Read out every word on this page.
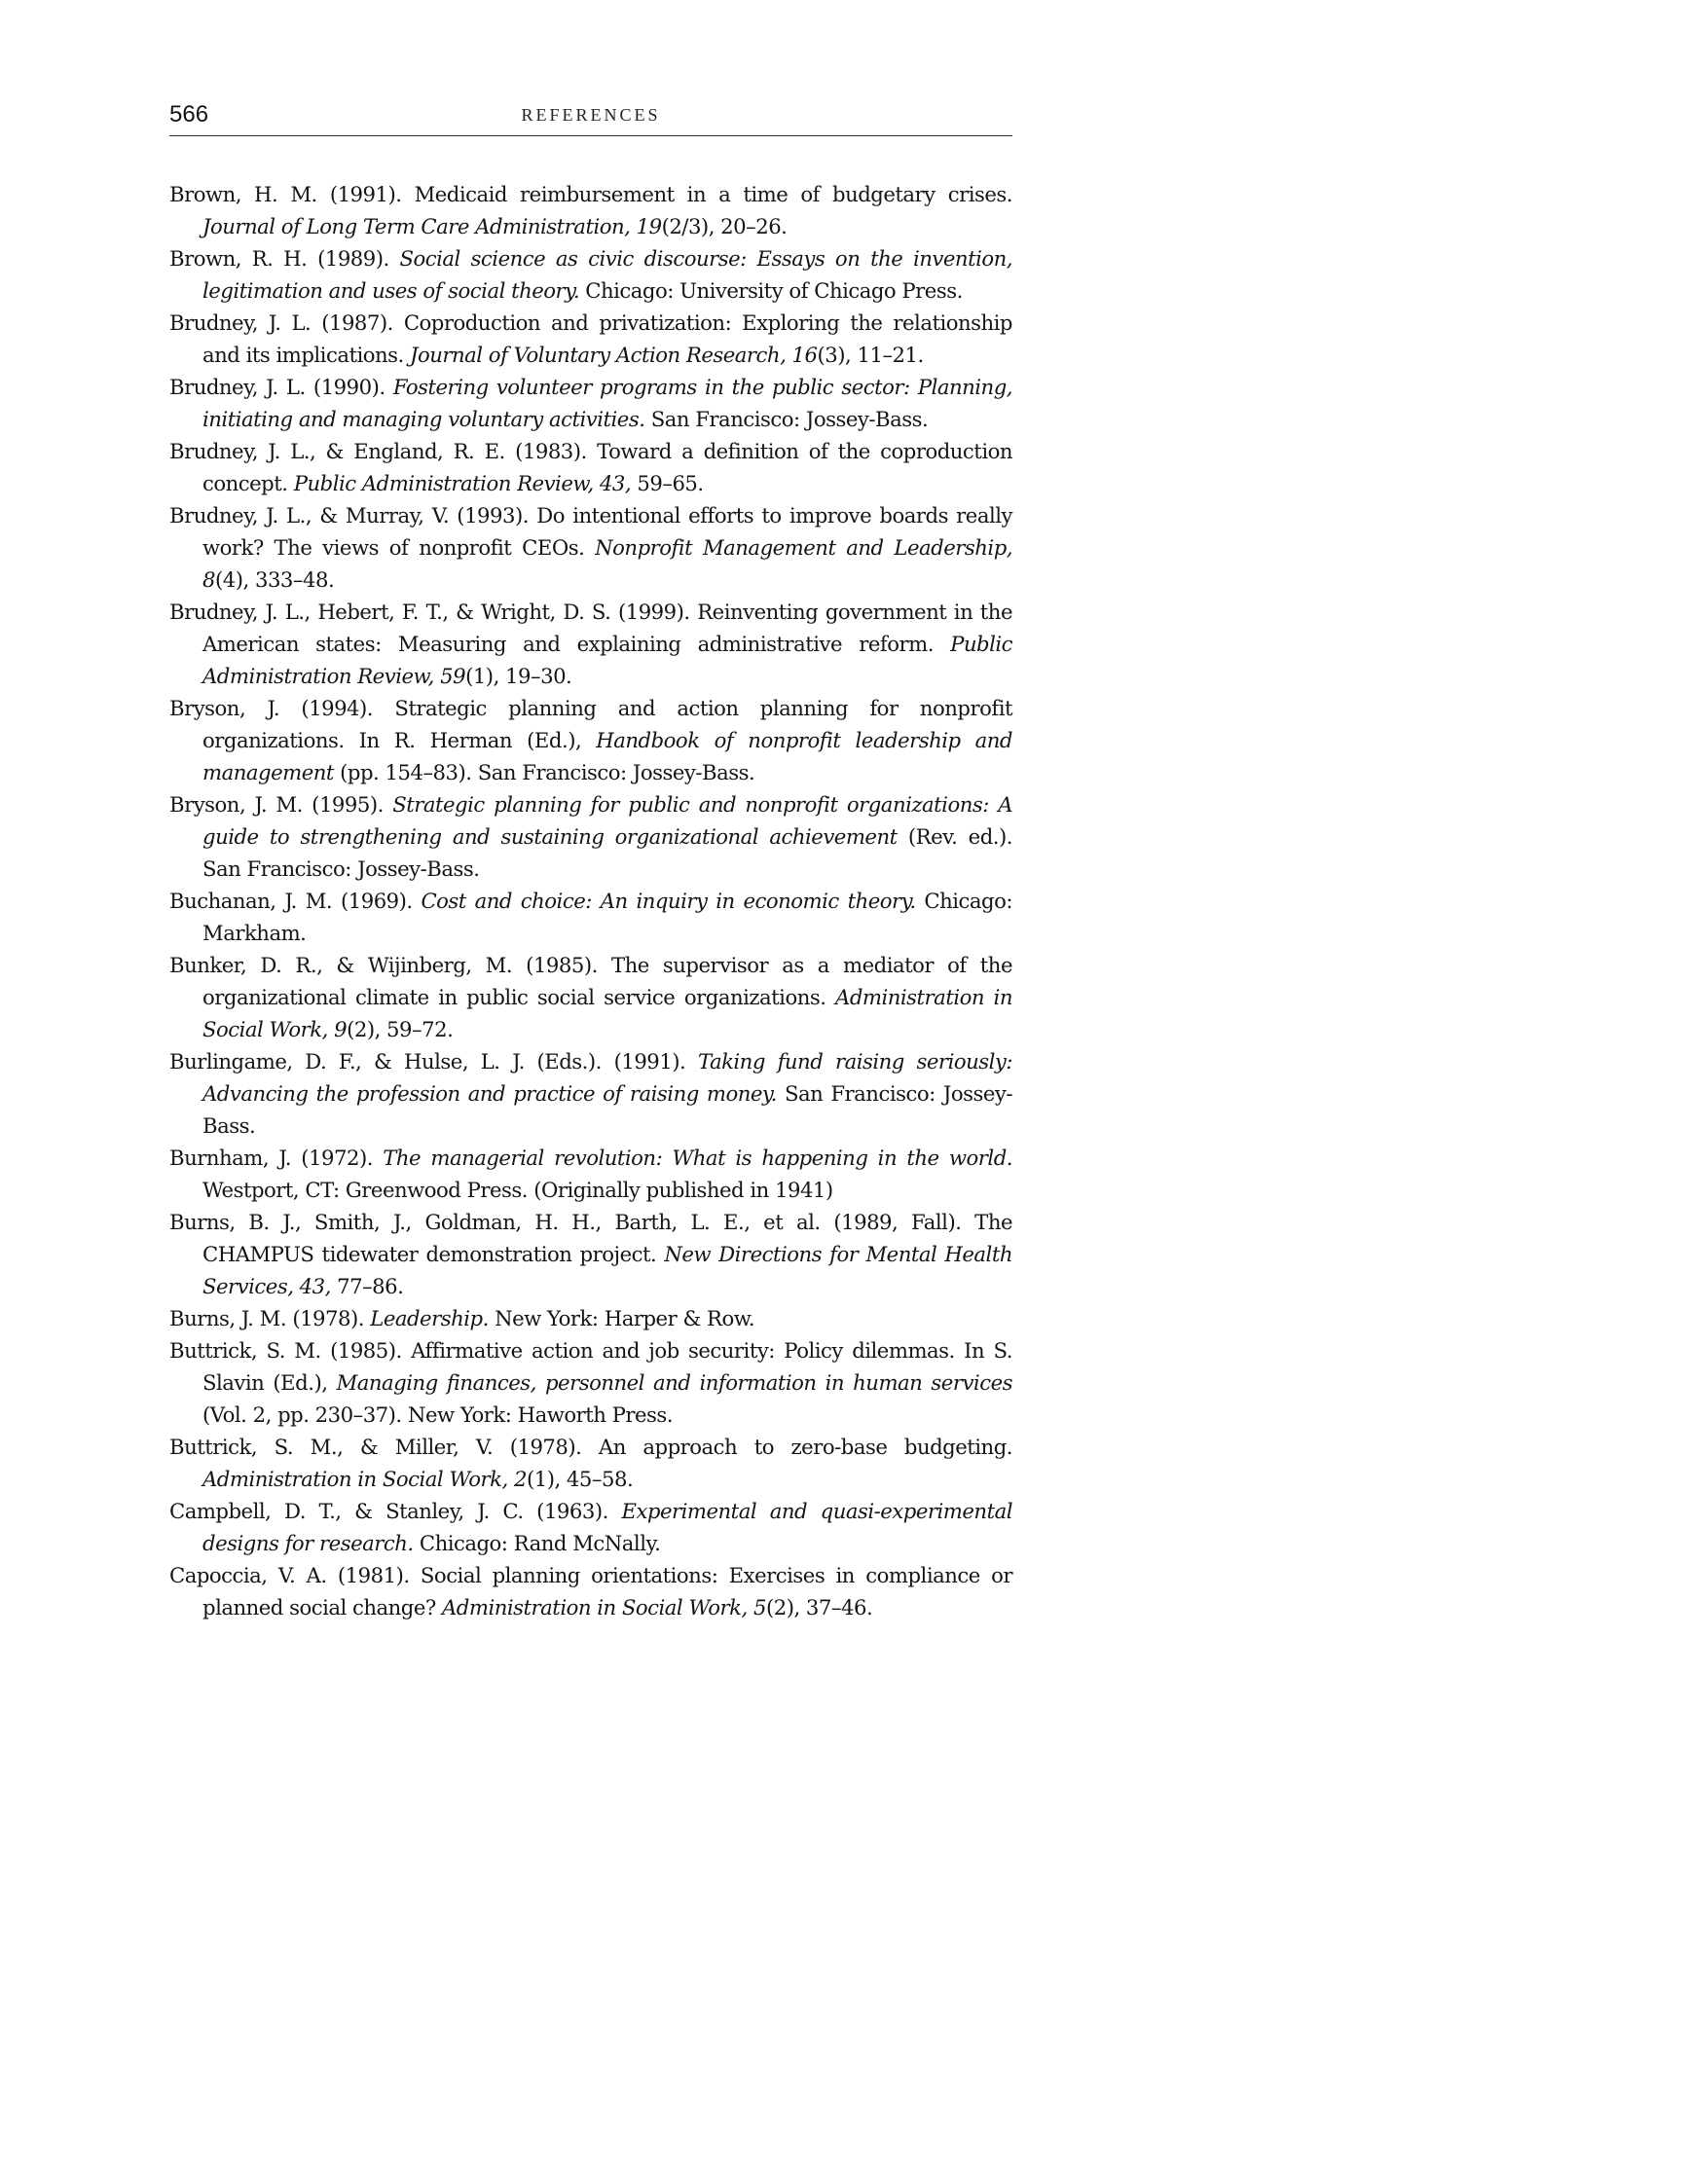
566	REFERENCES
Brown, H. M. (1991). Medicaid reimbursement in a time of budgetary crises. Journal of Long Term Care Administration, 19(2/3), 20–26.
Brown, R. H. (1989). Social science as civic discourse: Essays on the invention, legitimation and uses of social theory. Chicago: University of Chicago Press.
Brudney, J. L. (1987). Coproduction and privatization: Exploring the relationship and its implications. Journal of Voluntary Action Research, 16(3), 11–21.
Brudney, J. L. (1990). Fostering volunteer programs in the public sector: Planning, initiating and managing voluntary activities. San Francisco: Jossey-Bass.
Brudney, J. L., & England, R. E. (1983). Toward a definition of the coproduction concept. Public Administration Review, 43, 59–65.
Brudney, J. L., & Murray, V. (1993). Do intentional efforts to improve boards really work? The views of nonprofit CEOs. Nonprofit Management and Leadership, 8(4), 333–48.
Brudney, J. L., Hebert, F. T., & Wright, D. S. (1999). Reinventing government in the American states: Measuring and explaining administrative reform. Public Administration Review, 59(1), 19–30.
Bryson, J. (1994). Strategic planning and action planning for nonprofit organizations. In R. Herman (Ed.), Handbook of nonprofit leadership and management (pp. 154–83). San Francisco: Jossey-Bass.
Bryson, J. M. (1995). Strategic planning for public and nonprofit organizations: A guide to strengthening and sustaining organizational achievement (Rev. ed.). San Francisco: Jossey-Bass.
Buchanan, J. M. (1969). Cost and choice: An inquiry in economic theory. Chicago: Markham.
Bunker, D. R., & Wijinberg, M. (1985). The supervisor as a mediator of the organizational climate in public social service organizations. Administration in Social Work, 9(2), 59–72.
Burlingame, D. F., & Hulse, L. J. (Eds.). (1991). Taking fund raising seriously: Advancing the profession and practice of raising money. San Francisco: Jossey-Bass.
Burnham, J. (1972). The managerial revolution: What is happening in the world. Westport, CT: Greenwood Press. (Originally published in 1941)
Burns, B. J., Smith, J., Goldman, H. H., Barth, L. E., et al. (1989, Fall). The CHAMPUS tidewater demonstration project. New Directions for Mental Health Services, 43, 77–86.
Burns, J. M. (1978). Leadership. New York: Harper & Row.
Buttrick, S. M. (1985). Affirmative action and job security: Policy dilemmas. In S. Slavin (Ed.), Managing finances, personnel and information in human services (Vol. 2, pp. 230–37). New York: Haworth Press.
Buttrick, S. M., & Miller, V. (1978). An approach to zero-base budgeting. Administration in Social Work, 2(1), 45–58.
Campbell, D. T., & Stanley, J. C. (1963). Experimental and quasi-experimental designs for research. Chicago: Rand McNally.
Capoccia, V. A. (1981). Social planning orientations: Exercises in compliance or planned social change? Administration in Social Work, 5(2), 37–46.
